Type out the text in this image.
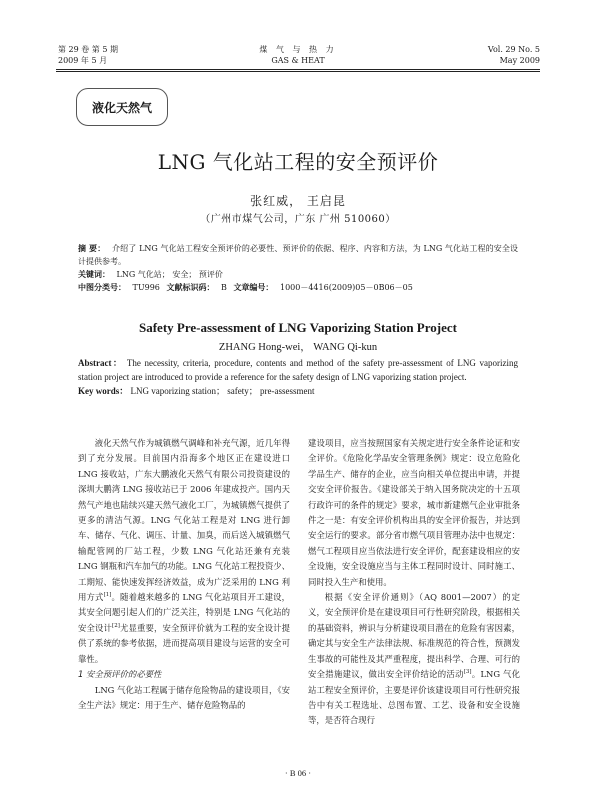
第 29 卷 第 5 期
2009 年 5 月
煤 气 与 热 力
GAS & HEAT
Vol. 29 No. 5
May 2009
液化天然气
LNG 气化站工程的安全预评价
张红威， 王启昆
（广州市煤气公司，广东 广州 510060）

摘 要： 介绍了 LNG 气化站工程安全预评价的必要性、预评价的依据、程序、内容和方法，为 LNG 气化站工程的安全设计提供参考。

关键词： LNG 气化站； 安全； 预评价

中图分类号： TU996 文献标识码： B 文章编号： 1000－4416(2009)05－0B06－05

Safety Pre-assessment of LNG Vaporizing Station Project
ZHANG Hong-wei， WANG Qi-kun

Abstract： The necessity, criteria, procedure, contents and method of the safety pre-assessment of LNG vaporizing station project are introduced to provide a reference for the safety design of LNG vaporizing station project.

Key words： LNG vaporizing station； safety； pre-assessment

液化天然气作为城镇燃气调峰和补充气源，近几年得到了充分发展。目前国内沿海多个地区正在建设进口 LNG 接收站，广东大鹏液化天然气有限公司投资建设的深圳大鹏湾 LNG 接收站已于 2006 年建成投产。国内天然气产地也陆续兴建天然气液化工厂，为城镇燃气提供了更多的清洁气源。LNG 气化站工程是对 LNG 进行卸车、储存、气化、调压、计量、加臭，而后送入城镇燃气输配管网的厂站工程，少数 LNG 气化站还兼有充装 LNG 钢瓶和汽车加气的功能。LNG 气化站工程投资少、工期短、能快速发挥经济效益，成为广泛采用的 LNG 利用方式[1]。随着越来越多的 LNG 气化站项目开工建设，其安全问题引起人们的广泛关注，特别是 LNG 气化站的安全设计[2]尤显重要，安全预评价就为工程的安全设计提供了系统的参考依据，进而提高项目建设与运营的安全可靠性。

1 安全预评价的必要性

LNG 气化站工程属于储存危险物品的建设项目，《安全生产法》规定：用于生产、储存危险物品的

建设项目，应当按照国家有关规定进行安全条件论证和安全评价。《危险化学品安全管理条例》规定：设立危险化学品生产、储存的企业，应当向相关单位提出申请，并提交安全评价报告。《建设部关于纳入国务院决定的十五项行政许可的条件的规定》要求，城市新建燃气企业审批条件之一是：有安全评价机构出具的安全评价报告，并达到安全运行的要求。部分省市燃气项目管理办法中也规定：燃气工程项目应当依法进行安全评价，配套建设相应的安全设施，安全设施应当与主体工程同时设计、同时施工、同时投入生产和使用。

根据《安全评价通则》（AQ 8001—2007）的定义，安全预评价是在建设项目可行性研究阶段，根据相关的基础资料，辨识与分析建设项目潜在的危险有害因素，确定其与安全生产法律法规、标准规范的符合性，预测发生事故的可能性及其严重程度，提出科学、合理、可行的安全措施建议，做出安全评价结论的活动[3]。LNG 气化站工程安全预评价，主要是评价该建设项目可行性研究报告中有关工程选址、总图布置、工艺、设备和安全设施等，是否符合现行

· B 06 ·
